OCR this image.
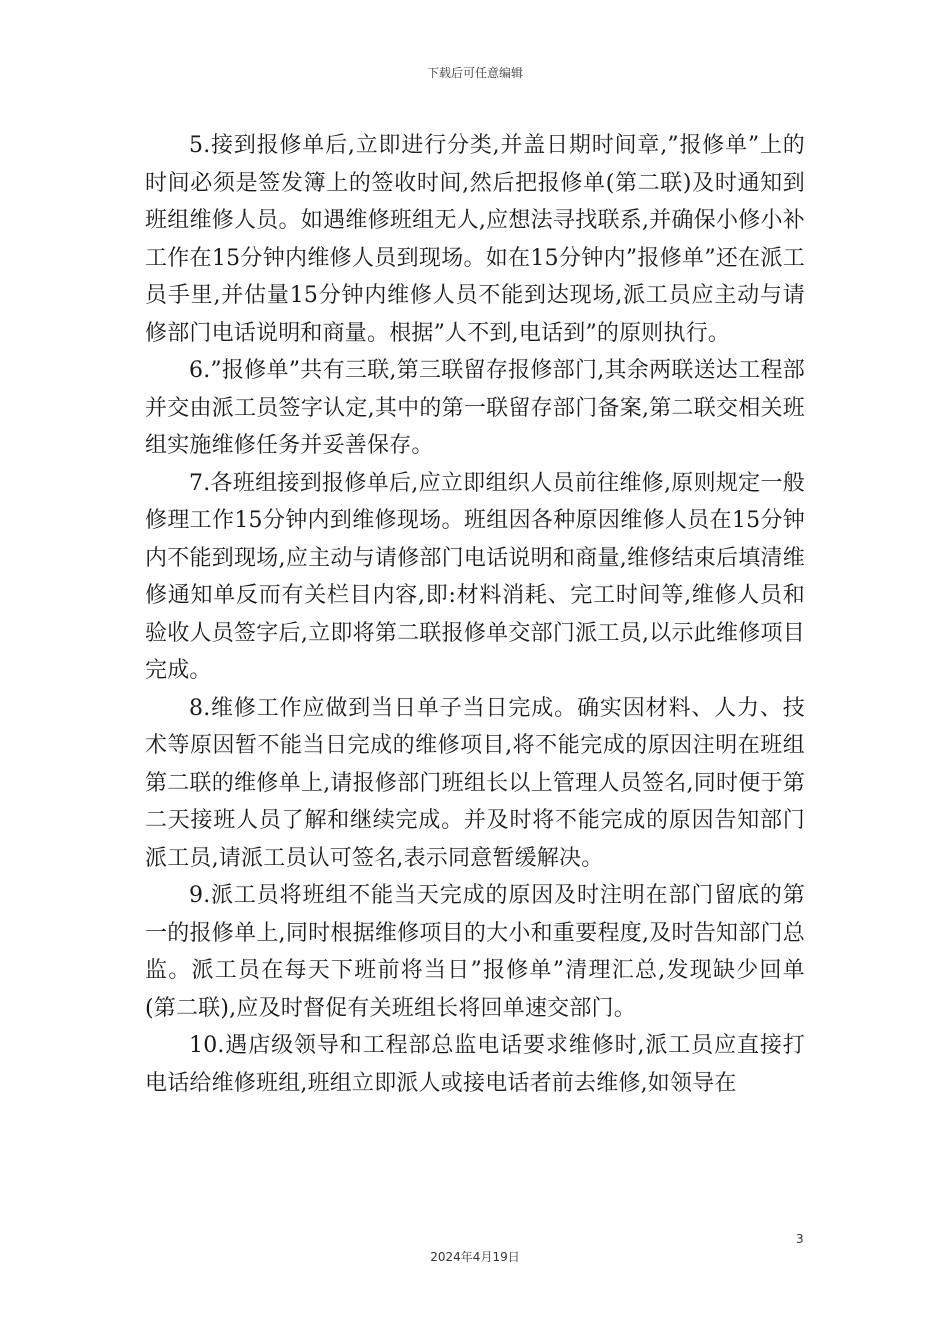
下载后可任意编辑

5.接到报修单后,立即进行分类,并盖日期时间章,”报修单”上的时间必须是签发簿上的签收时间,然后把报修单(第二联)及时通知到班组维修人员。如遇维修班组无人,应想法寻找联系,并确保小修小补工作在15分钟内维修人员到现场。如在15分钟内”报修单”还在派工员手里,并估量15分钟内维修人员不能到达现场,派工员应主动与请修部门电话说明和商量。根据”人不到,电话到”的原则执行。

6.”报修单”共有三联,第三联留存报修部门,其余两联送达工程部并交由派工员签字认定,其中的第一联留存部门备案,第二联交相关班组实施维修任务并妥善保存。

7.各班组接到报修单后,应立即组织人员前往维修,原则规定一般修理工作15分钟内到维修现场。班组因各种原因维修人员在15分钟内不能到现场,应主动与请修部门电话说明和商量,维修结束后填清维修通知单反而有关栏目内容,即:材料消耗、完工时间等,维修人员和验收人员签字后,立即将第二联报修单交部门派工员,以示此维修项目完成。

8.维修工作应做到当日单子当日完成。确实因材料、人力、技术等原因暂不能当日完成的维修项目,将不能完成的原因注明在班组第二联的维修单上,请报修部门班组长以上管理人员签名,同时便于第二天接班人员了解和继续完成。并及时将不能完成的原因告知部门派工员,请派工员认可签名,表示同意暂缓解决。

9.派工员将班组不能当天完成的原因及时注明在部门留底的第一的报修单上,同时根据维修项目的大小和重要程度,及时告知部门总监。派工员在每天下班前将当日”报修单”清理汇总,发现缺少回单(第二联),应及时督促有关班组长将回单速交部门。

10.遇店级领导和工程部总监电话要求维修时,派工员应直接打电话给维修班组,班组立即派人或接电话者前去维修,如领导在

3
2024年4月19日
